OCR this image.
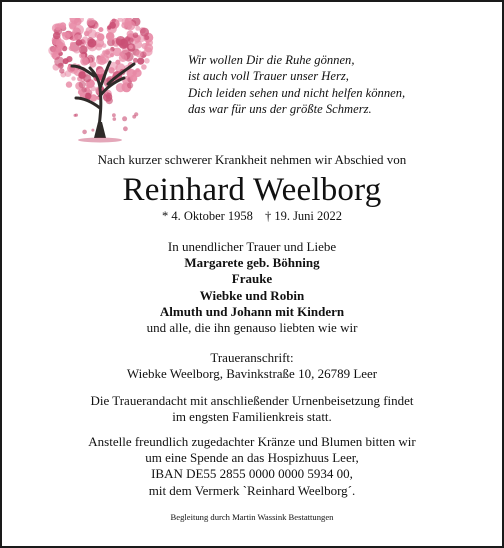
Wir wollen Dir die Ruhe gönnen,
ist auch voll Trauer unser Herz,
Dich leiden sehen und nicht helfen können,
das war für uns der größte Schmerz.
Nach kurzer schwerer Krankheit nehmen wir Abschied von
Reinhard Weelborg
* 4. Oktober 1958 † 19. Juni 2022
In unendlicher Trauer und Liebe
Margarete geb. Böhning
Frauke
Wiebke und Robin
Almuth und Johann mit Kindern
und alle, die ihn genauso liebten wie wir
Traueranschrift:
Wiebke Weelborg, Bavinkstraße 10, 26789 Leer
Die Trauerandacht mit anschließender Urnenbeisetzung findet
im engsten Familienkreis statt.
Anstelle freundlich zugedachter Kränze und Blumen bitten wir
um eine Spende an das Hospizhuus Leer,
IBAN DE55 2855 0000 0000 5934 00,
mit dem Vermerk `Reinhard Weelborg´.
Begleitung durch Martin Wassink Bestattungen
